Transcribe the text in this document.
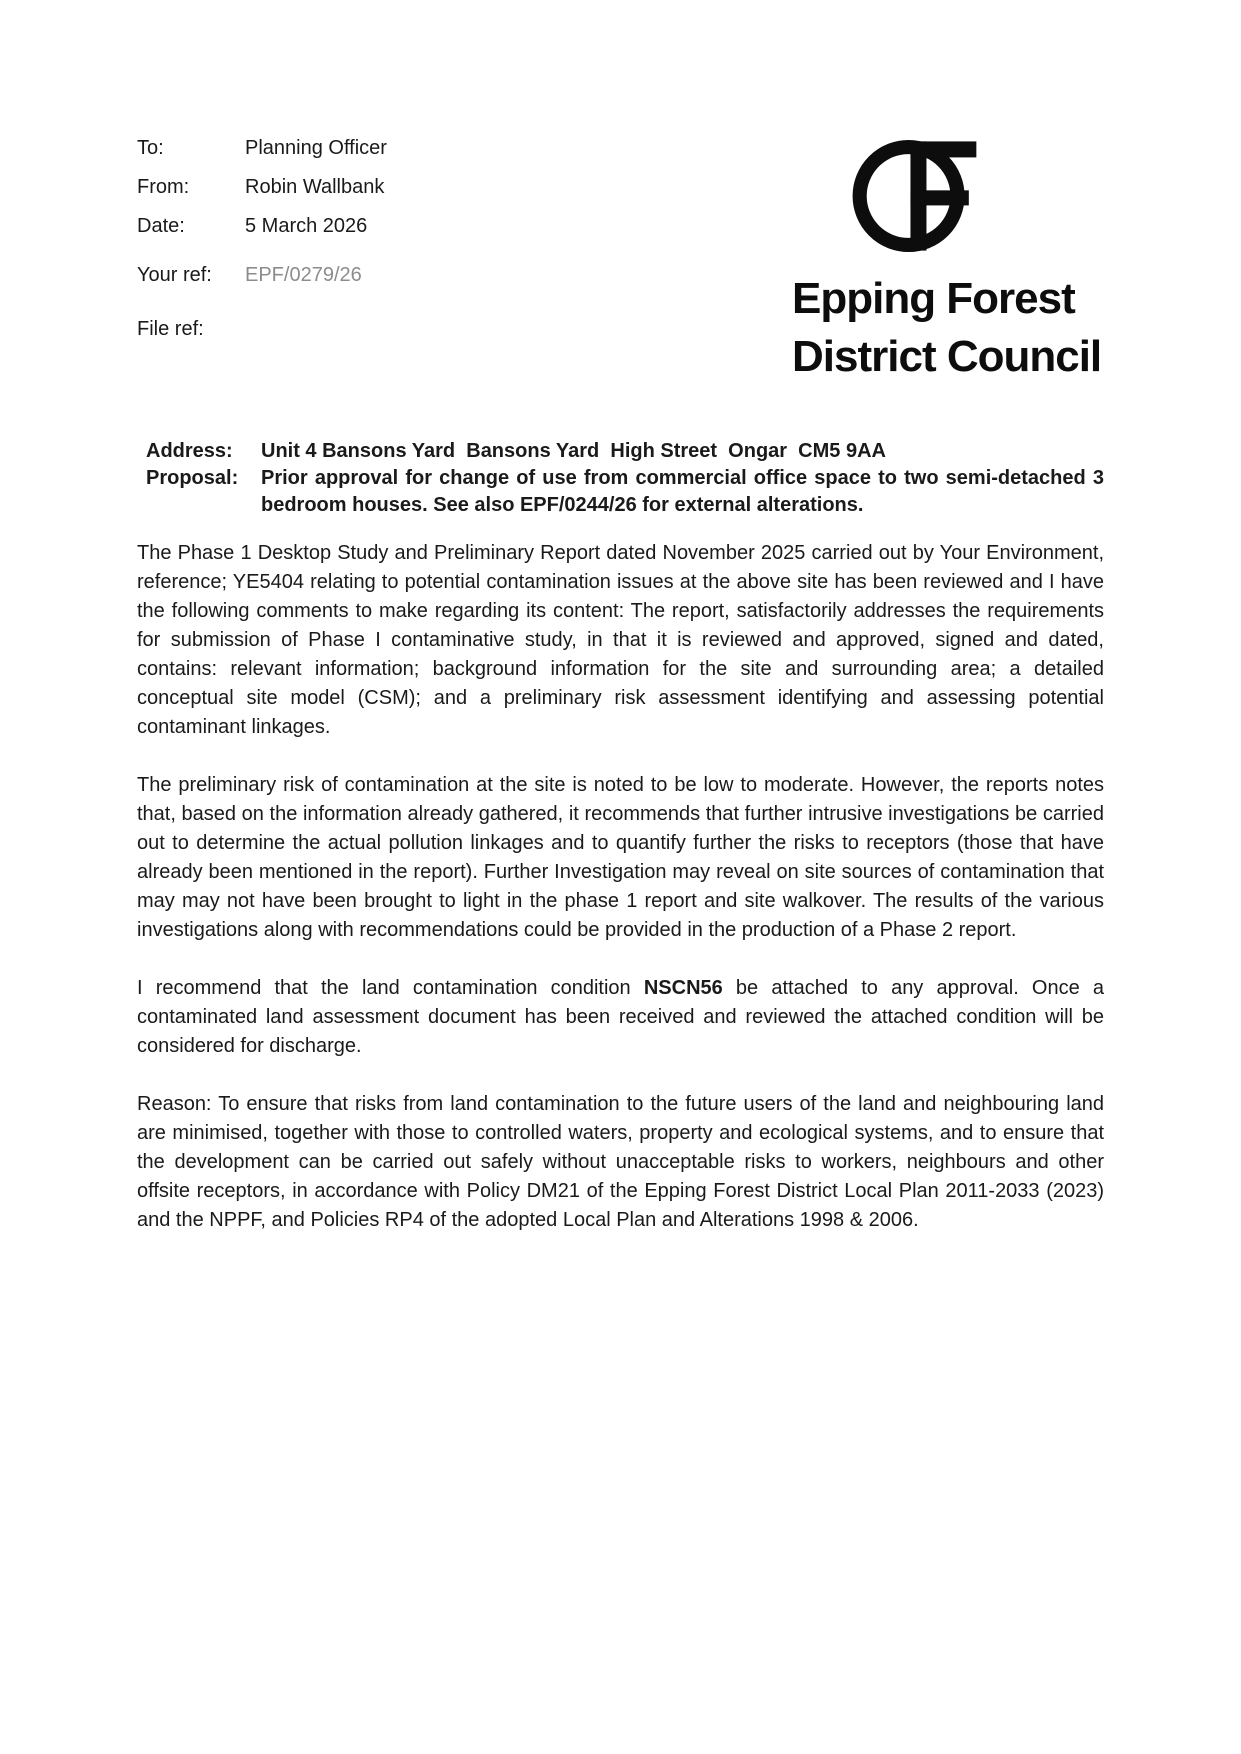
To:	Planning Officer
From:	Robin Wallbank
Date:	5 March 2026
Your ref:	EPF/0279/26
File ref:
Epping Forest
District Council
Address:	Unit 4 Bansons Yard  Bansons Yard  High Street  Ongar  CM5 9AA
Proposal:	Prior approval for change of use from commercial office space to two semi-detached 3 bedroom houses. See also EPF/0244/26 for external alterations.

The Phase 1 Desktop Study and Preliminary Report dated November 2025 carried out by Your Environment, reference; YE5404 relating to potential contamination issues at the above site has been reviewed and I have the following comments to make regarding its content: The report, satisfactorily addresses the requirements for submission of Phase I contaminative study, in that it is reviewed and approved, signed and dated, contains: relevant information; background information for the site and surrounding area; a detailed conceptual site model (CSM); and a preliminary risk assessment identifying and assessing potential contaminant linkages.

The preliminary risk of contamination at the site is noted to be low to moderate. However, the reports notes that, based on the information already gathered, it recommends that further intrusive investigations be carried out to determine the actual pollution linkages and to quantify further the risks to receptors (those that have already been mentioned in the report). Further Investigation may reveal on site sources of contamination that may may not have been brought to light in the phase 1 report and site walkover. The results of the various investigations along with recommendations could be provided in the production of a Phase 2 report.

I recommend that the land contamination condition NSCN56 be attached to any approval. Once a contaminated land assessment document has been received and reviewed the attached condition will be considered for discharge.

Reason: To ensure that risks from land contamination to the future users of the land and neighbouring land are minimised, together with those to controlled waters, property and ecological systems, and to ensure that the development can be carried out safely without unacceptable risks to workers, neighbours and other offsite receptors, in accordance with Policy DM21 of the Epping Forest District Local Plan 2011-2033 (2023) and the NPPF, and Policies RP4 of the adopted Local Plan and Alterations 1998 & 2006.
